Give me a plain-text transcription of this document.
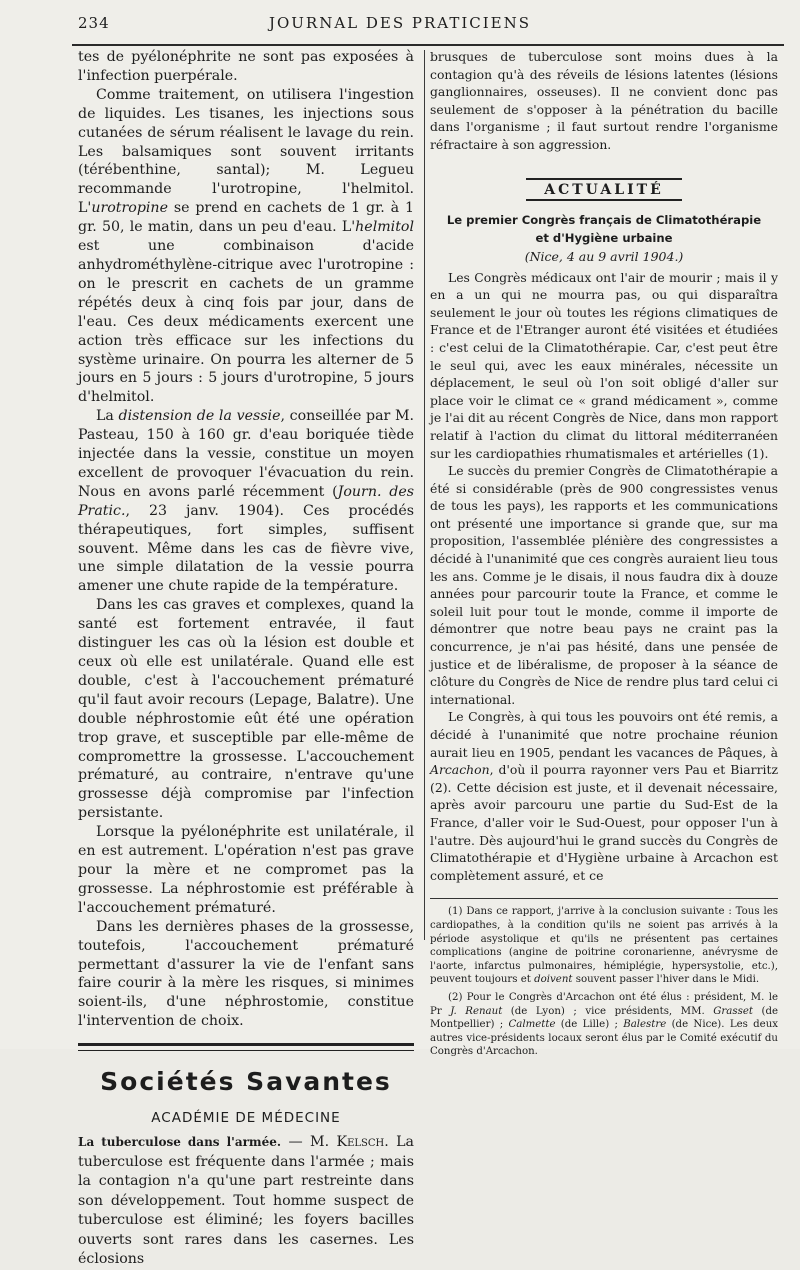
234	JOURNAL DES PRATICIENS

tes de pyélonéphrite ne sont pas exposées à l'infection puerpérale.

Comme traitement, on utilisera l'ingestion de liquides. Les tisanes, les injections sous cutanées de sérum réalisent le lavage du rein. Les balsamiques sont souvent irritants (térébenthine, santal); M. Legueu recommande l'urotropine, l'helmitol. L'urotropine se prend en cachets de 1 gr. à 1 gr. 50, le matin, dans un peu d'eau. L'helmitol est une combinaison d'acide anhydrométhylène-citrique avec l'urotropine : on le prescrit en cachets de un gramme répétés deux à cinq fois par jour, dans de l'eau. Ces deux médicaments exercent une action très efficace sur les infections du système urinaire. On pourra les alterner de 5 jours en 5 jours : 5 jours d'urotropine, 5 jours d'helmitol.

La distension de la vessie, conseillée par M. Pasteau, 150 à 160 gr. d'eau boriquée tiède injectée dans la vessie, constitue un moyen excellent de provoquer l'évacuation du rein. Nous en avons parlé récemment (Journ. des Pratic., 23 janv. 1904). Ces procédés thérapeutiques, fort simples, suffisent souvent. Même dans les cas de fièvre vive, une simple dilatation de la vessie pourra amener une chute rapide de la température.

Dans les cas graves et complexes, quand la santé est fortement entravée, il faut distinguer les cas où la lésion est double et ceux où elle est unilatérale. Quand elle est double, c'est à l'accouchement prématuré qu'il faut avoir recours (Lepage, Balatre). Une double néphrostomie eût été une opération trop grave, et susceptible par elle-même de compromettre la grossesse. L'accouchement prématuré, au contraire, n'entrave qu'une grossesse déjà compromise par l'infection persistante.

Lorsque la pyélonéphrite est unilatérale, il en est autrement. L'opération n'est pas grave pour la mère et ne compromet pas la grossesse. La néphrostomie est préférable à l'accouchement prématuré.

Dans les dernières phases de la grossesse, toutefois, l'accouchement prématuré permettant d'assurer la vie de l'enfant sans faire courir à la mère les risques, si minimes soient-ils, d'une néphrostomie, constitue l'intervention de choix.

Sociétés Savantes
ACADÉMIE DE MÉDECINE

La tuberculose dans l'armée. — M. Kelsch. La tuberculose est fréquente dans l'armée ; mais la contagion n'a qu'une part restreinte dans son développement. Tout homme suspect de tuberculose est éliminé; les foyers bacilles ouverts sont rares dans les casernes. Les éclosions

brusques de tuberculose sont moins dues à la contagion qu'à des réveils de lésions latentes (lésions ganglionnaires, osseuses). Il ne convient donc pas seulement de s'opposer à la pénétration du bacille dans l'organisme ; il faut surtout rendre l'organisme réfractaire à son aggression.

ACTUALITÉ
Le premier Congrès français de Climatothérapie
et d'Hygiène urbaine
(Nice, 4 au 9 avril 1904.)

Les Congrès médicaux ont l'air de mourir ; mais il y en a un qui ne mourra pas, ou qui disparaîtra seulement le jour où toutes les régions climatiques de France et de l'Etranger auront été visitées et étudiées : c'est celui de la Climatothérapie. Car, c'est peut être le seul qui, avec les eaux minérales, nécessite un déplacement, le seul où l'on soit obligé d'aller sur place voir le climat ce « grand médicament », comme je l'ai dit au récent Congrès de Nice, dans mon rapport relatif à l'action du climat du littoral méditerranéen sur les cardiopathies rhumatismales et artérielles (1).

Le succès du premier Congrès de Climatothérapie a été si considérable (près de 900 congressistes venus de tous les pays), les rapports et les communications ont présenté une importance si grande que, sur ma proposition, l'assemblée plénière des congressistes a décidé à l'unanimité que ces congrès auraient lieu tous les ans. Comme je le disais, il nous faudra dix à douze années pour parcourir toute la France, et comme le soleil luit pour tout le monde, comme il importe de démontrer que notre beau pays ne craint pas la concurrence, je n'ai pas hésité, dans une pensée de justice et de libéralisme, de proposer à la séance de clôture du Congrès de Nice de rendre plus tard celui ci international.

Le Congrès, à qui tous les pouvoirs ont été remis, a décidé à l'unanimité que notre prochaine réunion aurait lieu en 1905, pendant les vacances de Pâques, à Arcachon, d'où il pourra rayonner vers Pau et Biarritz (2). Cette décision est juste, et il devenait nécessaire, après avoir parcouru une partie du Sud-Est de la France, d'aller voir le Sud-Ouest, pour opposer l'un à l'autre. Dès aujourd'hui le grand succès du Congrès de Climatothérapie et d'Hygiène urbaine à Arcachon est complètement assuré, et ce

(1) Dans ce rapport, j'arrive à la conclusion suivante : Tous les cardiopathes, à la condition qu'ils ne soient pas arrivés à la période asystolique et qu'ils ne présentent pas certaines complications (angine de poitrine coronarienne, anévrysme de l'aorte, infarctus pulmonaires, hémiplégie, hypersystolie, etc.), peuvent toujours et doivent souvent passer l'hiver dans le Midi.

(2) Pour le Congrès d'Arcachon ont été élus : président, M. le Pr J. Renaut (de Lyon) ; vice présidents, MM. Grasset (de Montpellier) ; Calmette (de Lille) ; Balestre (de Nice). Les deux autres vice-présidents locaux seront élus par le Comité exécutif du Congrès d'Arcachon.
